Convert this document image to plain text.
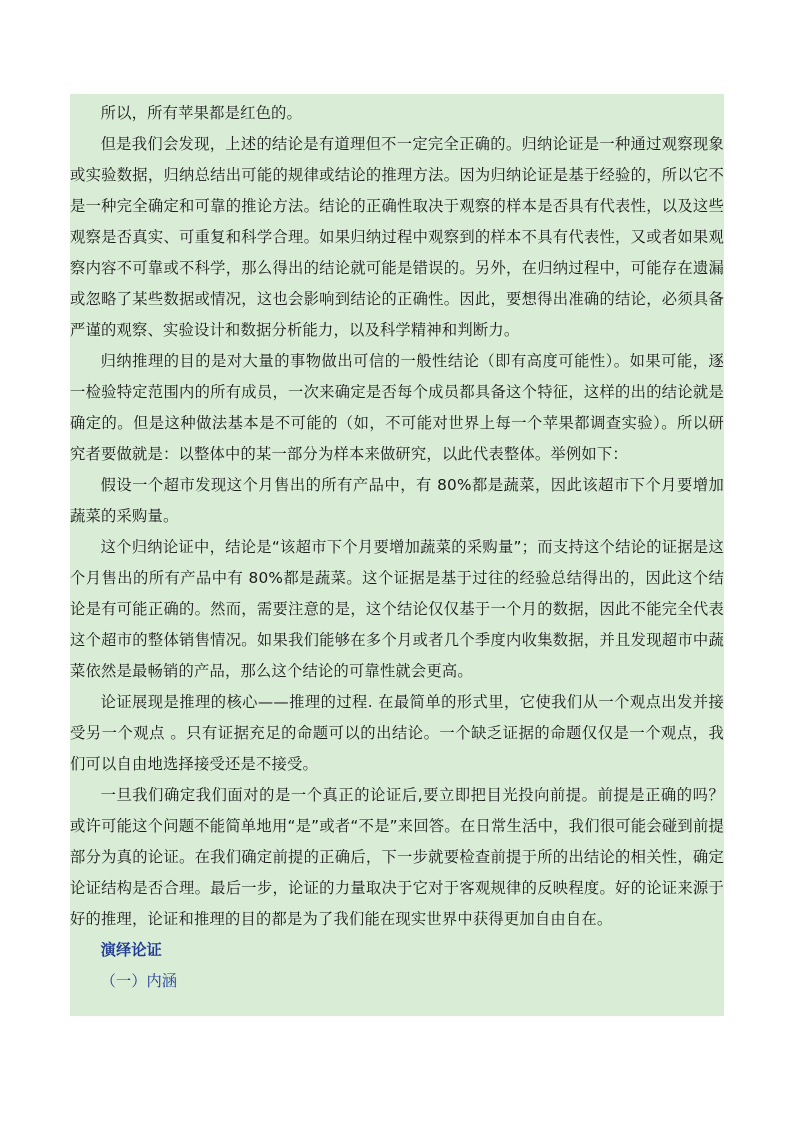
所以，所有苹果都是红色的。

但是我们会发现，上述的结论是有道理但不一定完全正确的。归纳论证是一种通过观察现象或实验数据，归纳总结出可能的规律或结论的推理方法。因为归纳论证是基于经验的，所以它不是一种完全确定和可靠的推论方法。结论的正确性取决于观察的样本是否具有代表性，以及这些观察是否真实、可重复和科学合理。如果归纳过程中观察到的样本不具有代表性，又或者如果观察内容不可靠或不科学，那么得出的结论就可能是错误的。另外，在归纳过程中，可能存在遗漏或忽略了某些数据或情况，这也会影响到结论的正确性。因此，要想得出准确的结论，必须具备严谨的观察、实验设计和数据分析能力，以及科学精神和判断力。

归纳推理的目的是对大量的事物做出可信的一般性结论（即有高度可能性）。如果可能，逐一检验特定范围内的所有成员，一次来确定是否每个成员都具备这个特征，这样的出的结论就是确定的。但是这种做法基本是不可能的（如，不可能对世界上每一个苹果都调查实验）。所以研究者要做就是：以整体中的某一部分为样本来做研究，以此代表整体。举例如下：

假设一个超市发现这个月售出的所有产品中，有 80%都是蔬菜，因此该超市下个月要增加蔬菜的采购量。

这个归纳论证中，结论是“该超市下个月要增加蔬菜的采购量”；而支持这个结论的证据是这个月售出的所有产品中有 80%都是蔬菜。这个证据是基于过往的经验总结得出的，因此这个结论是有可能正确的。然而，需要注意的是，这个结论仅仅基于一个月的数据，因此不能完全代表这个超市的整体销售情况。如果我们能够在多个月或者几个季度内收集数据，并且发现超市中蔬菜依然是最畅销的产品，那么这个结论的可靠性就会更高。

论证展现是推理的核心——推理的过程. 在最简单的形式里，它使我们从一个观点出发并接受另一个观点 。只有证据充足的命题可以的出结论。一个缺乏证据的命题仅仅是一个观点，我们可以自由地选择接受还是不接受。

一旦我们确定我们面对的是一个真正的论证后,要立即把目光投向前提。前提是正确的吗？或许可能这个问题不能简单地用“是”或者“不是”来回答。在日常生活中，我们很可能会碰到前提部分为真的论证。在我们确定前提的正确后，下一步就要检查前提于所的出结论的相关性，确定论证结构是否合理。最后一步，论证的力量取决于它对于客观规律的反映程度。好的论证来源于好的推理，论证和推理的目的都是为了我们能在现实世界中获得更加自由自在。

演绎论证

（一）内涵
